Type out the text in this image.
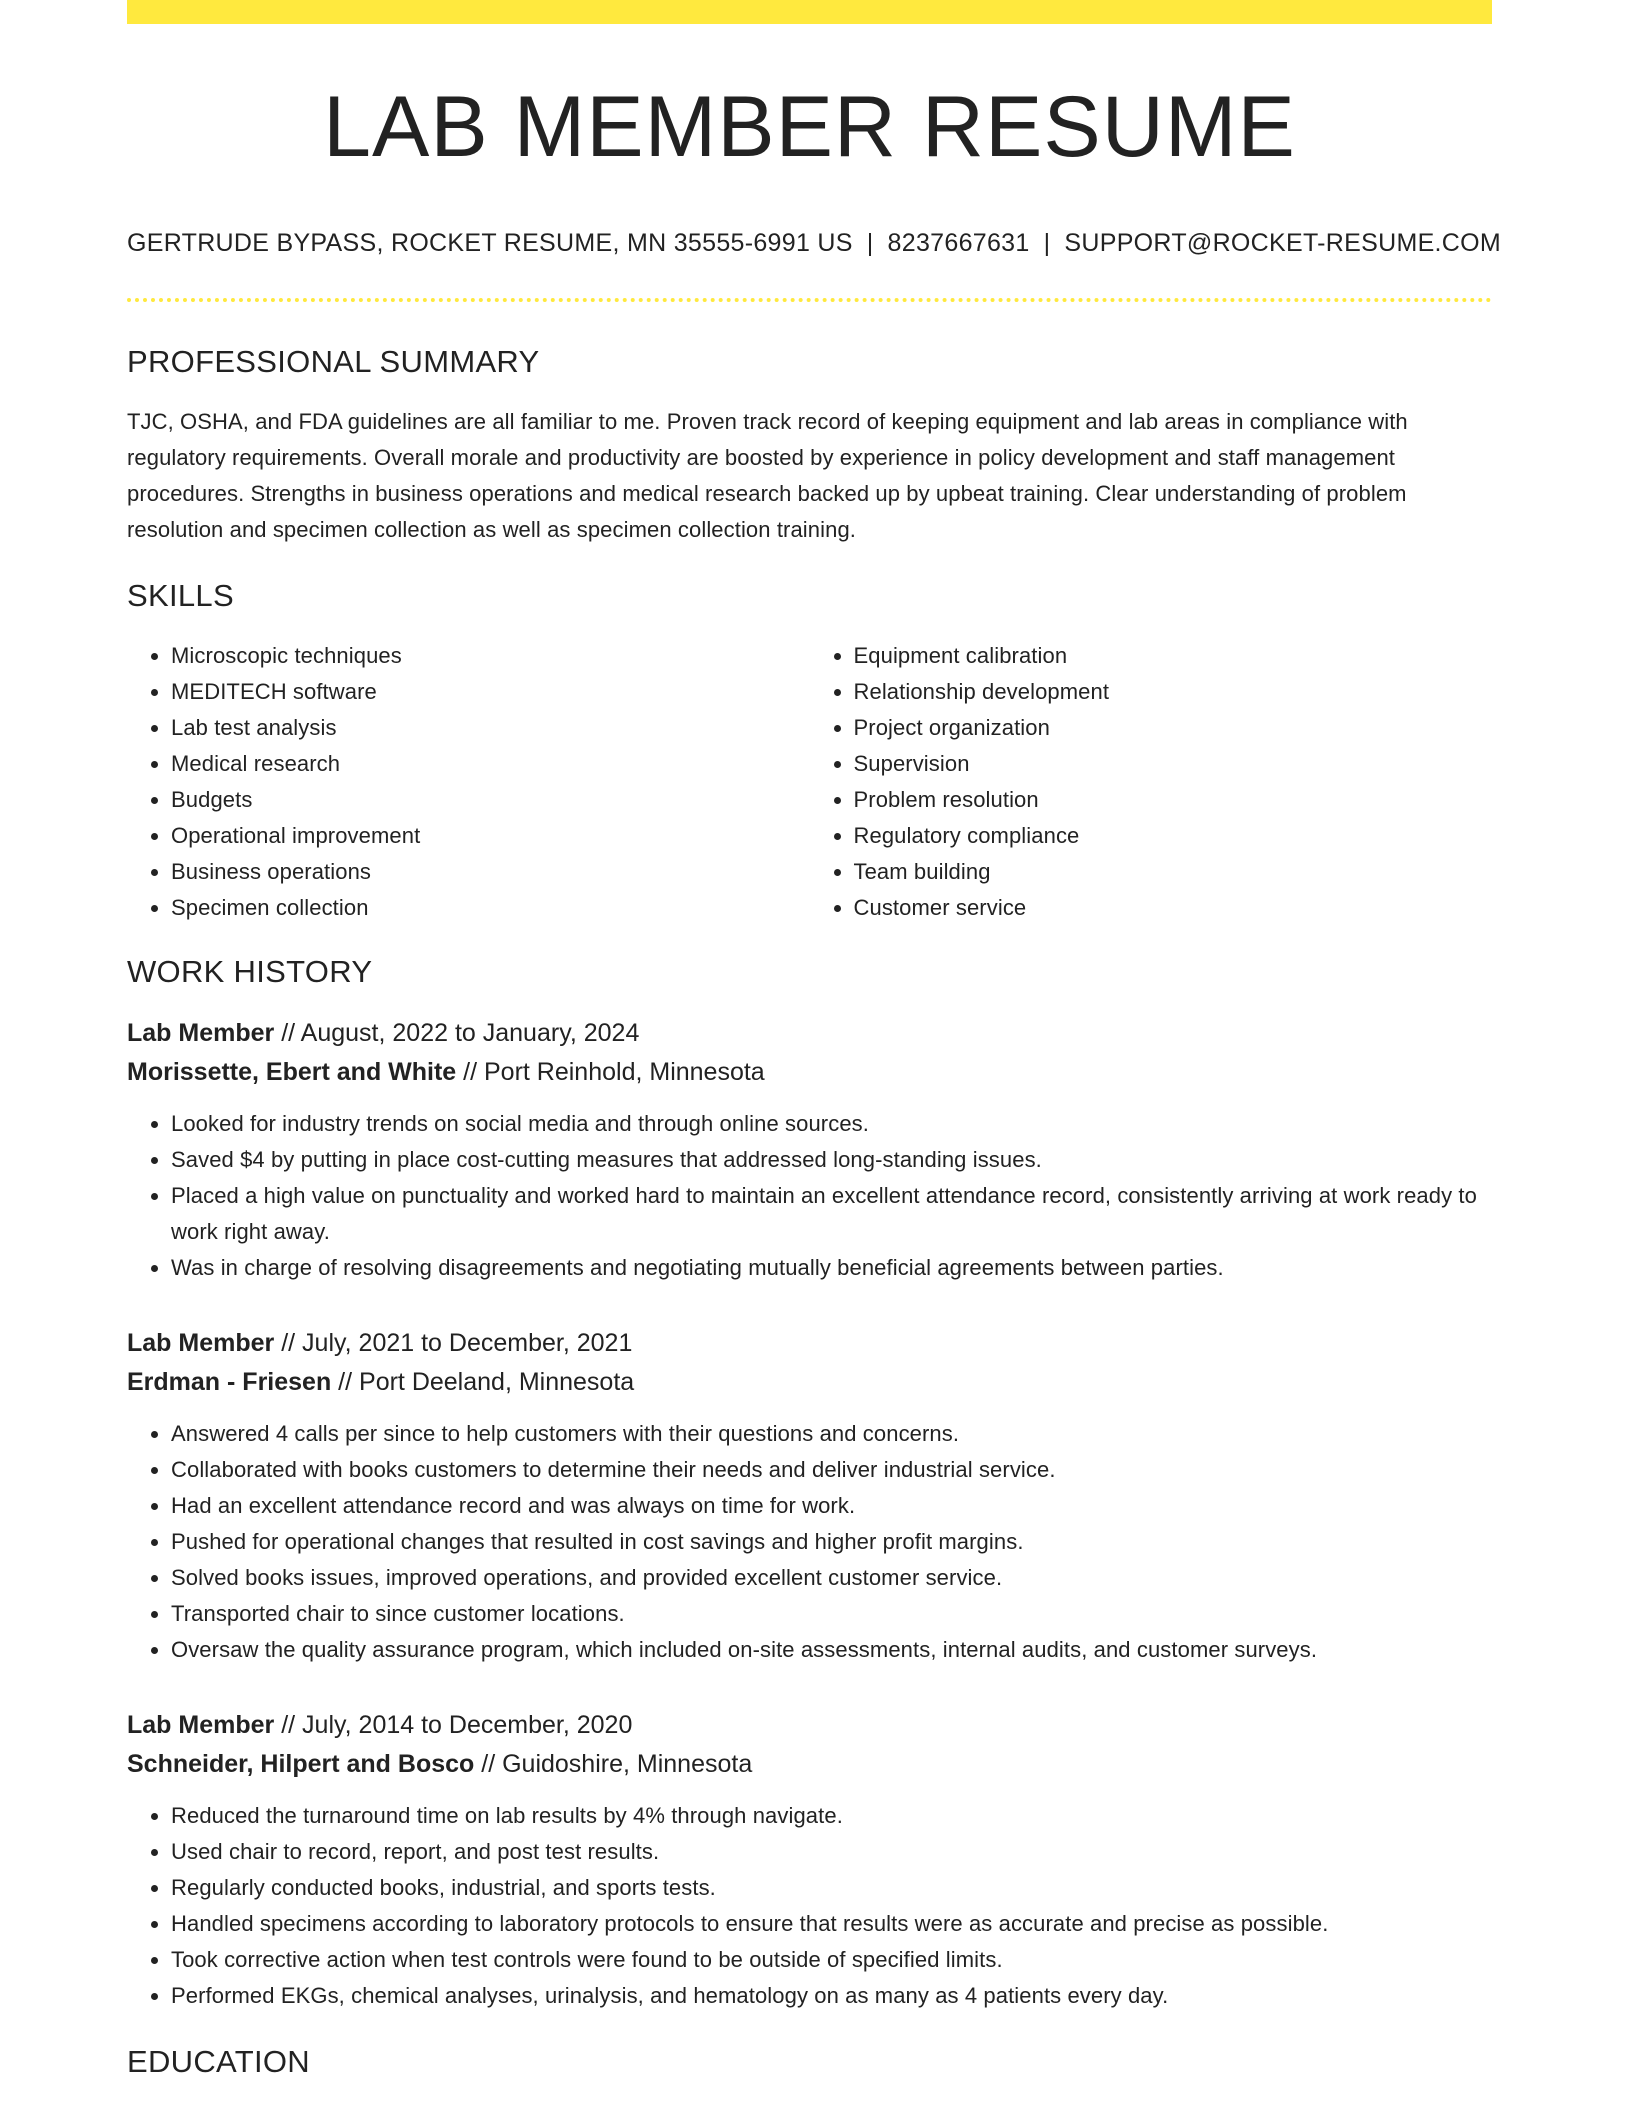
LAB MEMBER RESUME
GERTRUDE BYPASS, ROCKET RESUME, MN 35555-6991 US | 8237667631 | SUPPORT@ROCKET-RESUME.COM
PROFESSIONAL SUMMARY
TJC, OSHA, and FDA guidelines are all familiar to me. Proven track record of keeping equipment and lab areas in compliance with regulatory requirements. Overall morale and productivity are boosted by experience in policy development and staff management procedures. Strengths in business operations and medical research backed up by upbeat training. Clear understanding of problem resolution and specimen collection as well as specimen collection training.
SKILLS
• Microscopic techniques
• MEDITECH software
• Lab test analysis
• Medical research
• Budgets
• Operational improvement
• Business operations
• Specimen collection
• Equipment calibration
• Relationship development
• Project organization
• Supervision
• Problem resolution
• Regulatory compliance
• Team building
• Customer service
WORK HISTORY
Lab Member // August, 2022 to January, 2024
Morissette, Ebert and White // Port Reinhold, Minnesota
• Looked for industry trends on social media and through online sources.
• Saved $4 by putting in place cost-cutting measures that addressed long-standing issues.
• Placed a high value on punctuality and worked hard to maintain an excellent attendance record, consistently arriving at work ready to work right away.
• Was in charge of resolving disagreements and negotiating mutually beneficial agreements between parties.
Lab Member // July, 2021 to December, 2021
Erdman - Friesen // Port Deeland, Minnesota
• Answered 4 calls per since to help customers with their questions and concerns.
• Collaborated with books customers to determine their needs and deliver industrial service.
• Had an excellent attendance record and was always on time for work.
• Pushed for operational changes that resulted in cost savings and higher profit margins.
• Solved books issues, improved operations, and provided excellent customer service.
• Transported chair to since customer locations.
• Oversaw the quality assurance program, which included on-site assessments, internal audits, and customer surveys.
Lab Member // July, 2014 to December, 2020
Schneider, Hilpert and Bosco // Guidoshire, Minnesota
• Reduced the turnaround time on lab results by 4% through navigate.
• Used chair to record, report, and post test results.
• Regularly conducted books, industrial, and sports tests.
• Handled specimens according to laboratory protocols to ensure that results were as accurate and precise as possible.
• Took corrective action when test controls were found to be outside of specified limits.
• Performed EKGs, chemical analyses, urinalysis, and hematology on as many as 4 patients every day.
EDUCATION
